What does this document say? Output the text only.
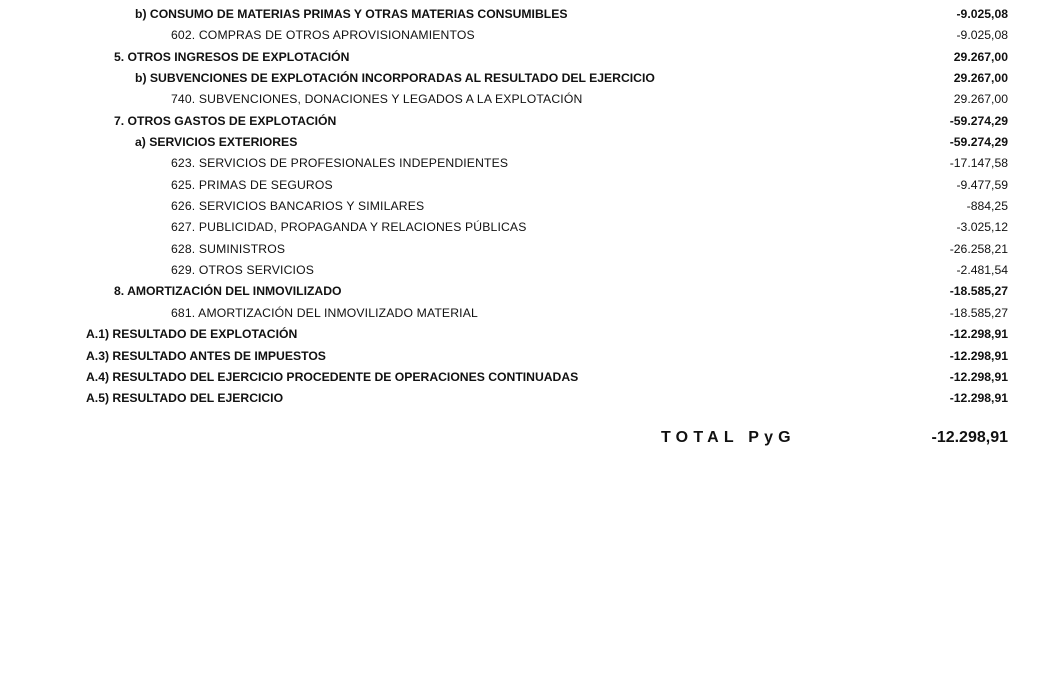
b) CONSUMO DE MATERIAS PRIMAS Y OTRAS MATERIAS CONSUMIBLES	-9.025,08
602. COMPRAS DE OTROS APROVISIONAMIENTOS	-9.025,08
5. OTROS INGRESOS DE EXPLOTACIÓN	29.267,00
b) SUBVENCIONES DE EXPLOTACIÓN INCORPORADAS AL RESULTADO DEL EJERCICIO	29.267,00
740. SUBVENCIONES, DONACIONES Y LEGADOS A LA EXPLOTACIÓN	29.267,00
7. OTROS GASTOS DE EXPLOTACIÓN	-59.274,29
a) SERVICIOS EXTERIORES	-59.274,29
623. SERVICIOS DE PROFESIONALES INDEPENDIENTES	-17.147,58
625. PRIMAS DE SEGUROS	-9.477,59
626. SERVICIOS BANCARIOS Y SIMILARES	-884,25
627. PUBLICIDAD, PROPAGANDA Y RELACIONES PÚBLICAS	-3.025,12
628. SUMINISTROS	-26.258,21
629. OTROS SERVICIOS	-2.481,54
8. AMORTIZACIÓN DEL INMOVILIZADO	-18.585,27
681. AMORTIZACIÓN DEL INMOVILIZADO MATERIAL	-18.585,27
A.1) RESULTADO DE EXPLOTACIÓN	-12.298,91
A.3) RESULTADO ANTES DE IMPUESTOS	-12.298,91
A.4) RESULTADO DEL EJERCICIO PROCEDENTE DE OPERACIONES CONTINUADAS	-12.298,91
A.5) RESULTADO DEL EJERCICIO	-12.298,91
TOTAL PyG	-12.298,91
